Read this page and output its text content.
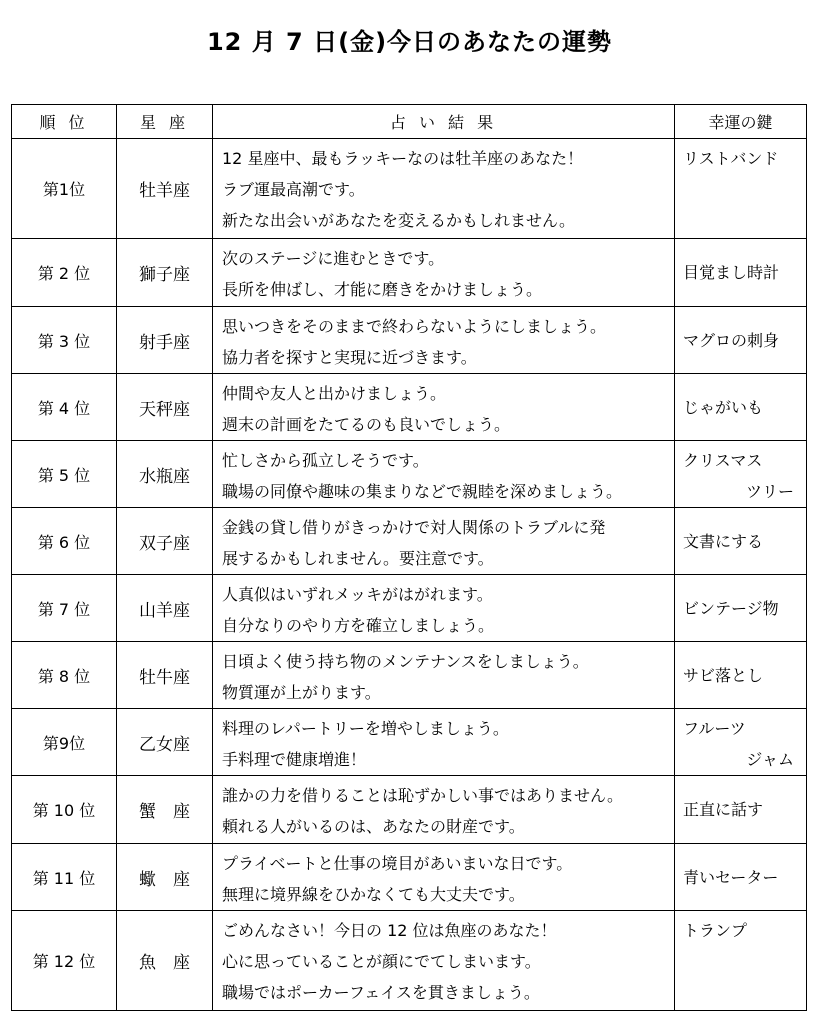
12 月 7 日(金)今日のあなたの運勢
順 位	星 座	占 い 結 果	幸運の鍵
第1位	牡羊座	12 星座中、最もラッキーなのは牡羊座のあなた！
ラブ運最高潮です。
新たな出会いがあなたを変えるかもしれません。	リストバンド

第 2 位	獅子座	次のステージに進むときです。
長所を伸ばし、才能に磨きをかけましょう。	目覚まし時計

第 3 位	射手座	思いつきをそのままで終わらないようにしましょう。
協力者を探すと実現に近づきます。	マグロの刺身

第 4 位	天秤座	仲間や友人と出かけましょう。
週末の計画をたてるのも良いでしょう。	じゃがいも

第 5 位	水瓶座	忙しさから孤立しそうです。
職場の同僚や趣味の集まりなどで親睦を深めましょう。	クリスマス
ツリー

第 6 位	双子座	金銭の貸し借りがきっかけで対人関係のトラブルに発
展するかもしれません。要注意です。	文書にする

第 7 位	山羊座	人真似はいずれメッキがはがれます。
自分なりのやり方を確立しましょう。	ビンテージ物

第 8 位	牡牛座	日頃よく使う持ち物のメンテナンスをしましょう。
物質運が上がります。	サビ落とし

第9位	乙女座	料理のレパートリーを増やしましょう。
手料理で健康増進！	フルーツ
ジャム

第 10 位	蟹　座	誰かの力を借りることは恥ずかしい事ではありません。
頼れる人がいるのは、あなたの財産です。	正直に話す

第 11 位	蠍　座	プライベートと仕事の境目があいまいな日です。
無理に境界線をひかなくても大丈夫です。	青いセーター

第 12 位	魚　座	ごめんなさい！今日の 12 位は魚座のあなた！
心に思っていることが顔にでてしまいます。
職場ではポーカーフェイスを貫きましょう。	トランプ
